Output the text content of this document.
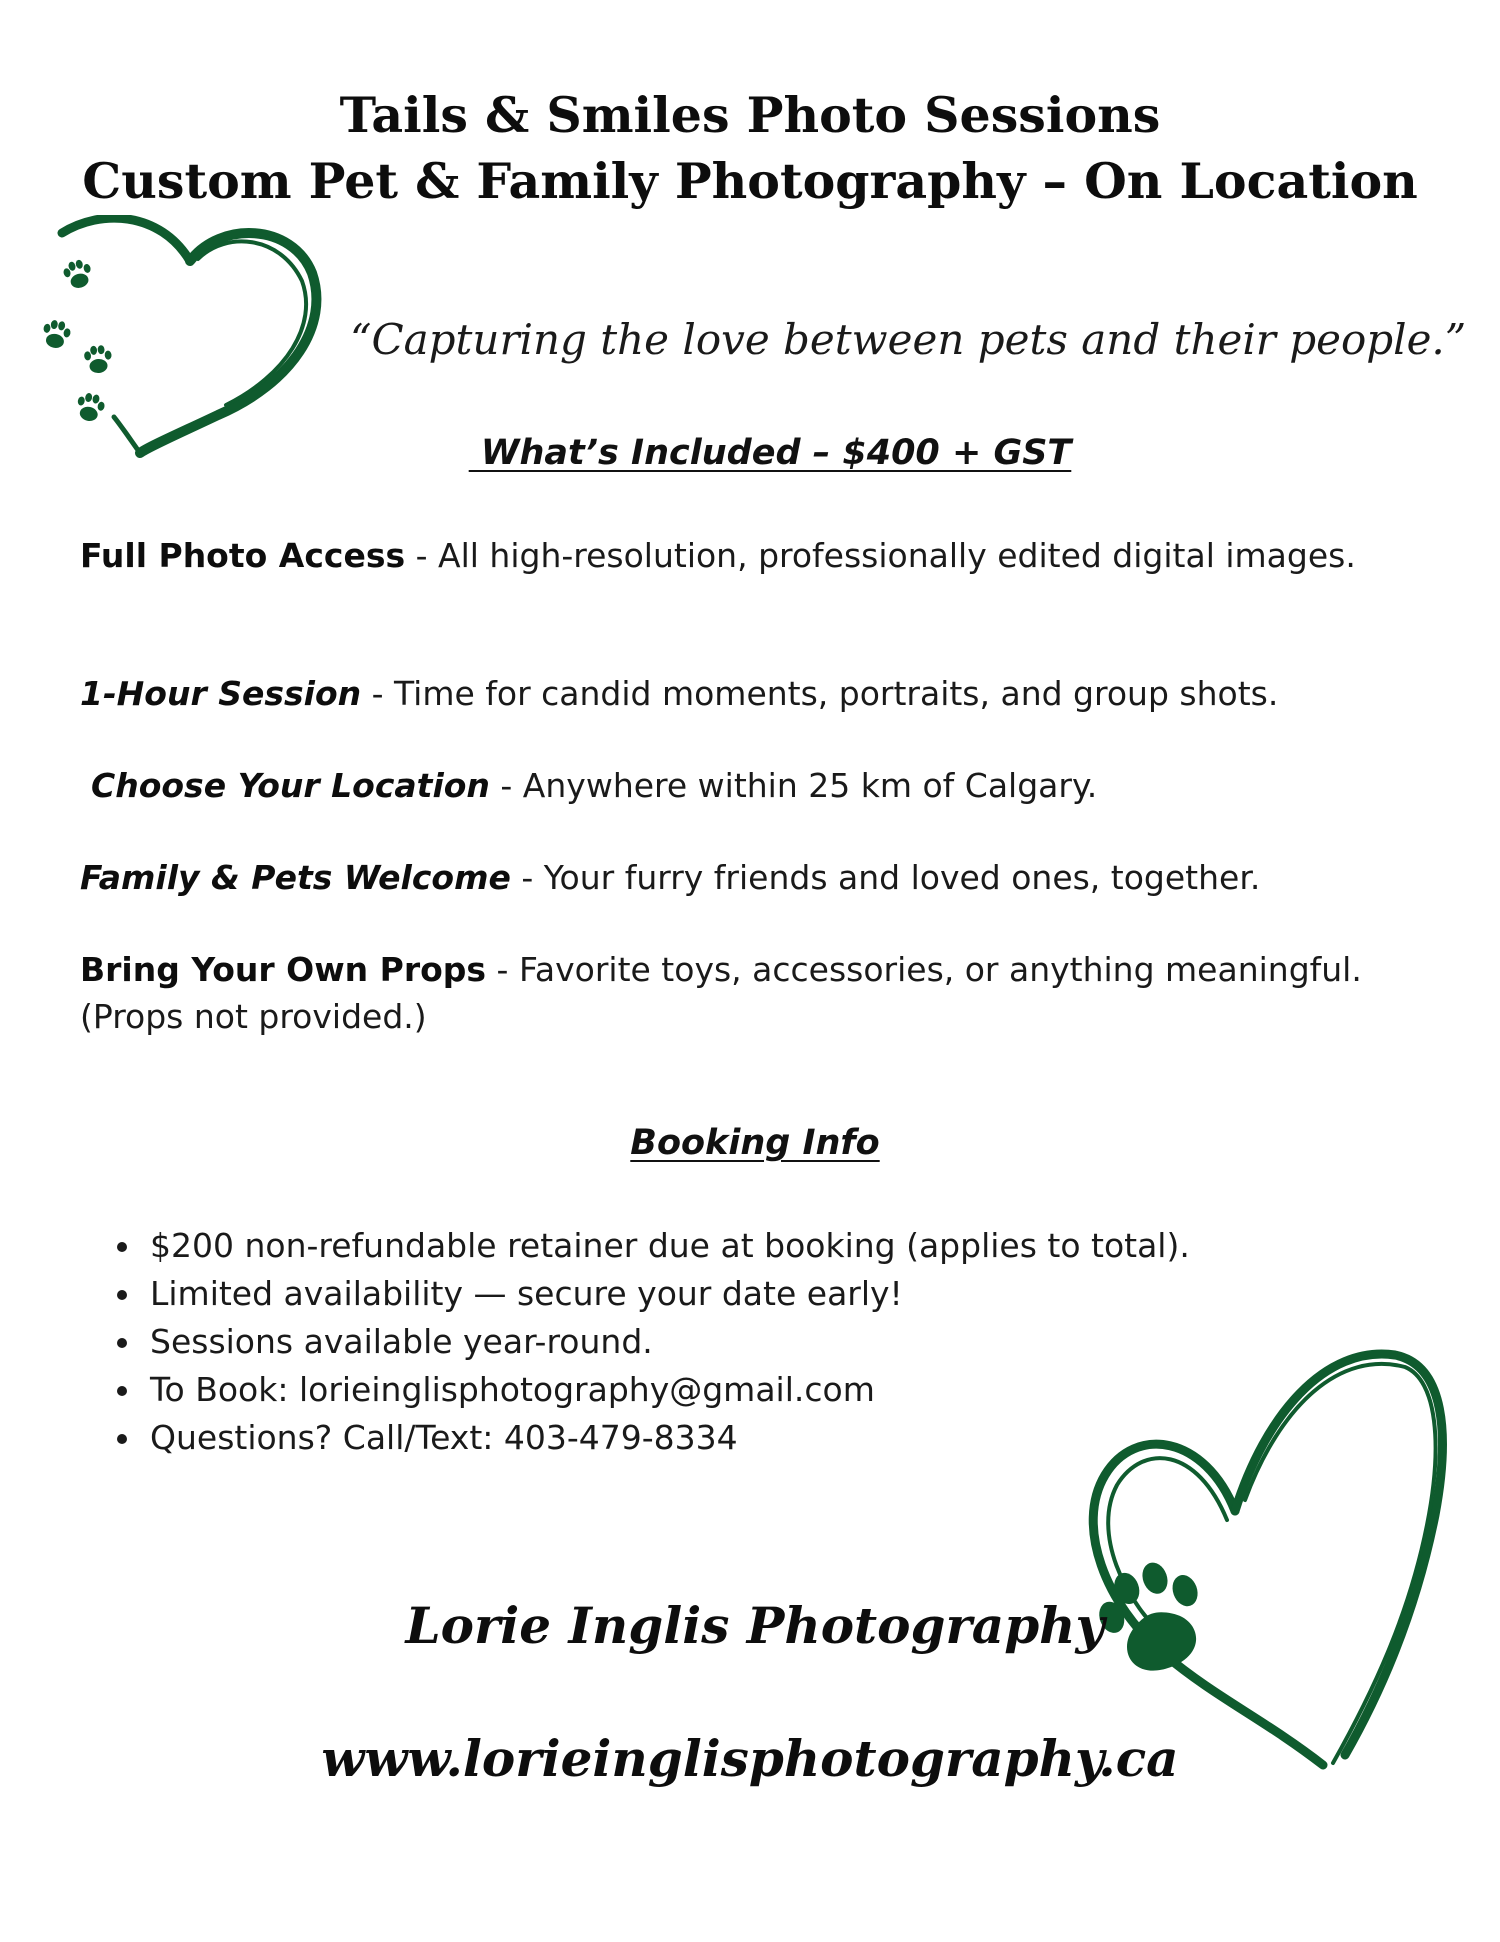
Tails & Smiles Photo Sessions
Custom Pet & Family Photography – On Location
“Capturing the love between pets and their people.”
What’s Included – $400 + GST
Full Photo Access - All high-resolution, professionally edited digital images.
1-Hour Session - Time for candid moments, portraits, and group shots.
Choose Your Location - Anywhere within 25 km of Calgary.
Family & Pets Welcome - Your furry friends and loved ones, together.
Bring Your Own Props - Favorite toys, accessories, or anything meaningful. (Props not provided.)
Booking Info
• $200 non-refundable retainer due at booking (applies to total).
• Limited availability — secure your date early!
• Sessions available year-round.
• To Book: lorieinglisphotography@gmail.com
• Questions? Call/Text: 403-479-8334
Lorie Inglis Photography
www.lorieinglisphotography.ca
